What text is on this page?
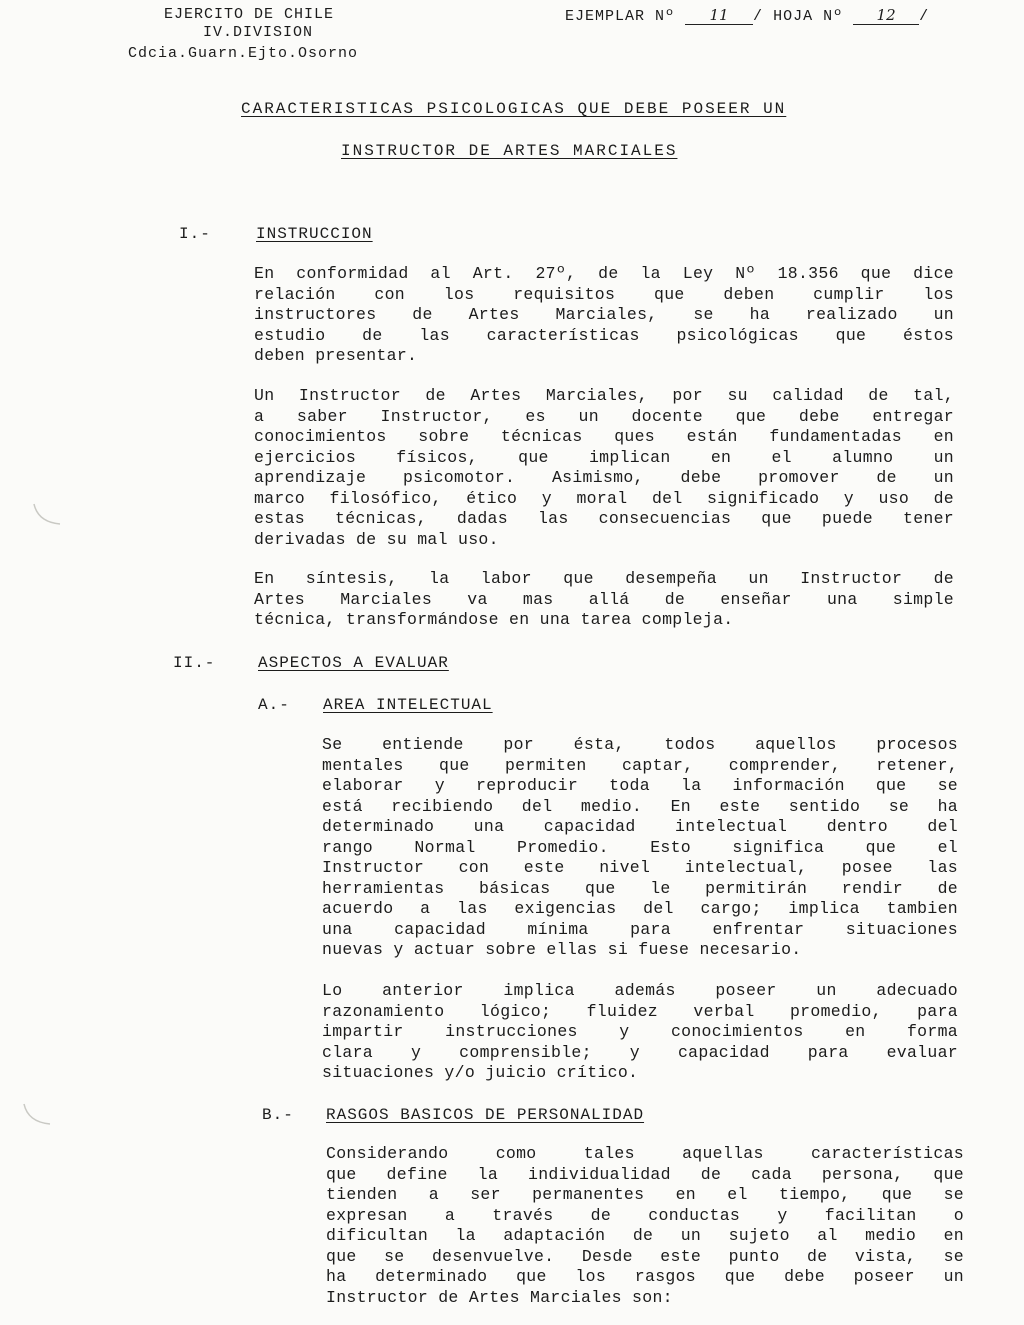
EJERCITO DE CHILE
IV.DIVISION
Cdcia.Guarn.Ejto.Osorno
EJEMPLAR Nº 11 / HOJA Nº 12 /
CARACTERISTICAS PSICOLOGICAS QUE DEBE POSEER UN
INSTRUCTOR DE ARTES MARCIALES
I.-	INSTRUCCION
En conformidad al Art. 27º, de la Ley Nº 18.356 que dice
relación con los requisitos que deben cumplir los
instructores de Artes Marciales, se ha realizado un
estudio de las características psicológicas que éstos
deben presentar.
Un Instructor de Artes Marciales, por su calidad de tal,
a saber Instructor, es un docente que debe entregar
conocimientos sobre técnicas ques están fundamentadas en
ejercicios físicos, que implican en el alumno un
aprendizaje psicomotor. Asimismo, debe promover de un
marco filosófico, ético y moral del significado y uso de
estas técnicas, dadas las consecuencias que puede tener
derivadas de su mal uso.
En síntesis, la labor que desempeña un Instructor de
Artes Marciales va mas allá de enseñar una simple
técnica, transformándose en una tarea compleja.
II.-	ASPECTOS A EVALUAR
A.- AREA INTELECTUAL
Se entiende por ésta, todos aquellos procesos
mentales que permiten captar, comprender, retener,
elaborar y reproducir toda la información que se
está recibiendo del medio. En este sentido se ha
determinado una capacidad intelectual dentro del
rango Normal Promedio. Esto significa que el
Instructor con este nivel intelectual, posee las
herramientas básicas que le permitirán rendir de
acuerdo a las exigencias del cargo; implica tambien
una capacidad mínima para enfrentar situaciones
nuevas y actuar sobre ellas si fuese necesario.
Lo anterior implica además poseer un adecuado
razonamiento lógico; fluidez verbal promedio, para
impartir instrucciones y conocimientos en forma
clara y comprensible; y capacidad para evaluar
situaciones y/o juicio crítico.
B.- RASGOS BASICOS DE PERSONALIDAD
Considerando como tales aquellas características
que define la individualidad de cada persona, que
tienden a ser permanentes en el tiempo, que se
expresan a través de conductas y facilitan o
dificultan la adaptación de un sujeto al medio en
que se desenvuelve. Desde este punto de vista, se
ha determinado que los rasgos que debe poseer un
Instructor de Artes Marciales son:
